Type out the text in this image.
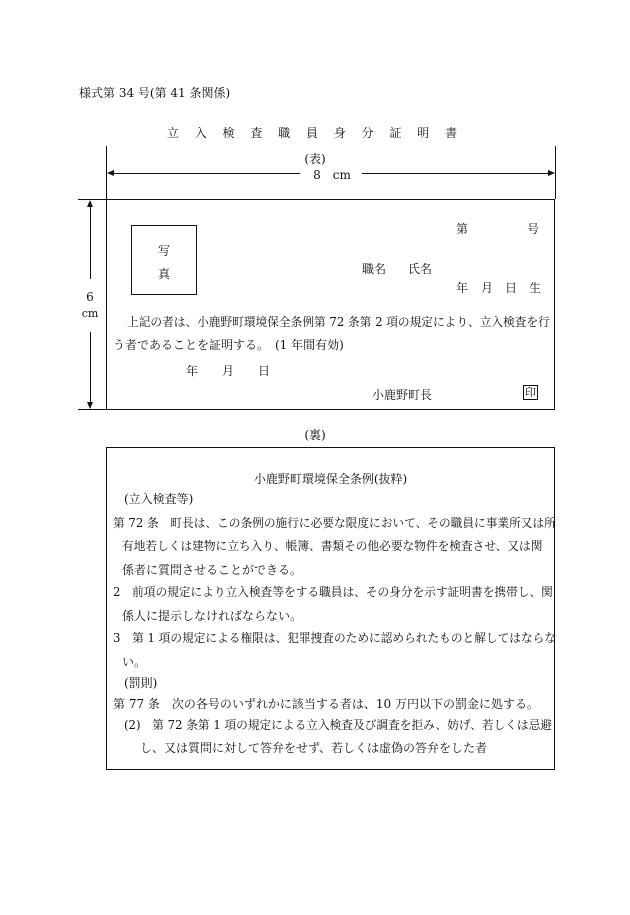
様式第 34 号(第 41 条関係)
立 入 検 査 職 員 身 分 証 明 書
(表)
8　cm
6
cm
写
真
第	号
職名 氏名
年 月 日 生
上記の者は、小鹿野町環境保全条例第 72 条第 2 項の規定により、立入検査を行
う者であることを証明する。　(1 年間有効)
年 月 日
小鹿野町長	印
(裏)
小鹿野町環境保全条例(抜粋)
(立入検査等)
第 72 条　町長は、この条例の施行に必要な限度において、その職員に事業所又は所
有地若しくは建物に立ち入り、帳簿、書類その他必要な物件を検査させ、又は関
係者に質問させることができる。
2　前項の規定により立入検査等をする職員は、その身分を示す証明書を携帯し、関
係人に提示しなければならない。
3　第 1 項の規定による権限は、犯罪捜査のために認められたものと解してはならな
い。
(罰則)
第 77 条　次の各号のいずれかに該当する者は、10 万円以下の罰金に処する。
(2)　第 72 条第 1 項の規定による立入検査及び調査を拒み、妨げ、若しくは忌避
し、又は質問に対して答弁をせず、若しくは虚偽の答弁をした者
